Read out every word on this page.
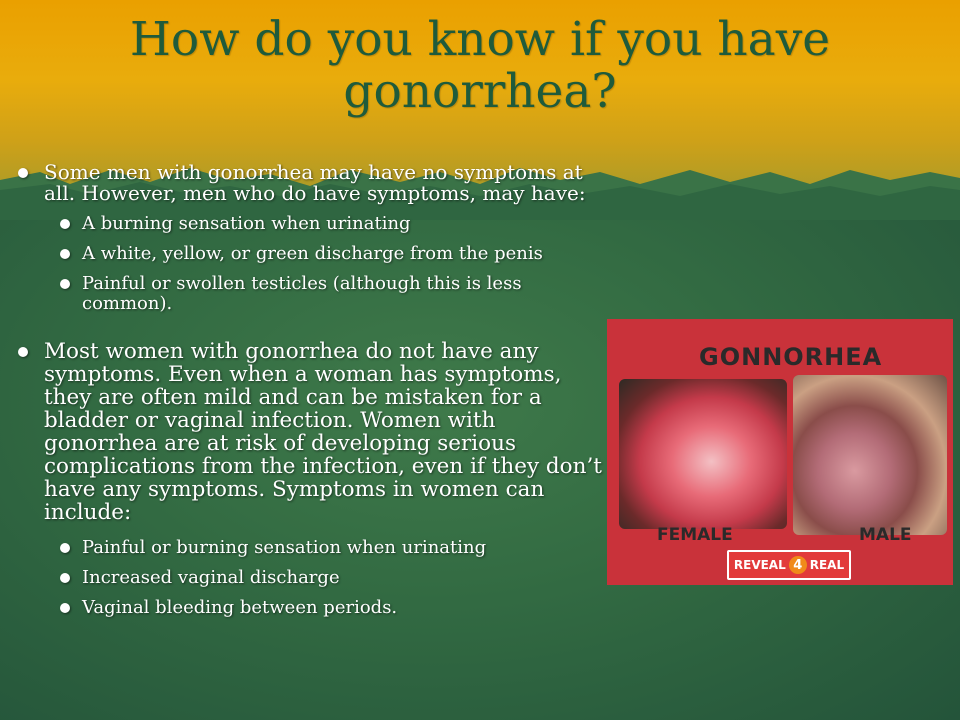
How do you know if you have gonorrhea?
Some men with gonorrhea may have no symptoms at all. However, men who do have symptoms, may have:
A burning sensation when urinating
A white, yellow, or green discharge from the penis
Painful or swollen testicles (although this is less common).
Most women with gonorrhea do not have any symptoms. Even when a woman has symptoms, they are often mild and can be mistaken for a bladder or vaginal infection. Women with gonorrhea are at risk of developing serious complications from the infection, even if they don’t have any symptoms. Symptoms in women can include:
Painful or burning sensation when urinating
Increased vaginal discharge
Vaginal bleeding between periods.
GONNORHEA
FEMALE	MALE
REVEAL 4 REAL
